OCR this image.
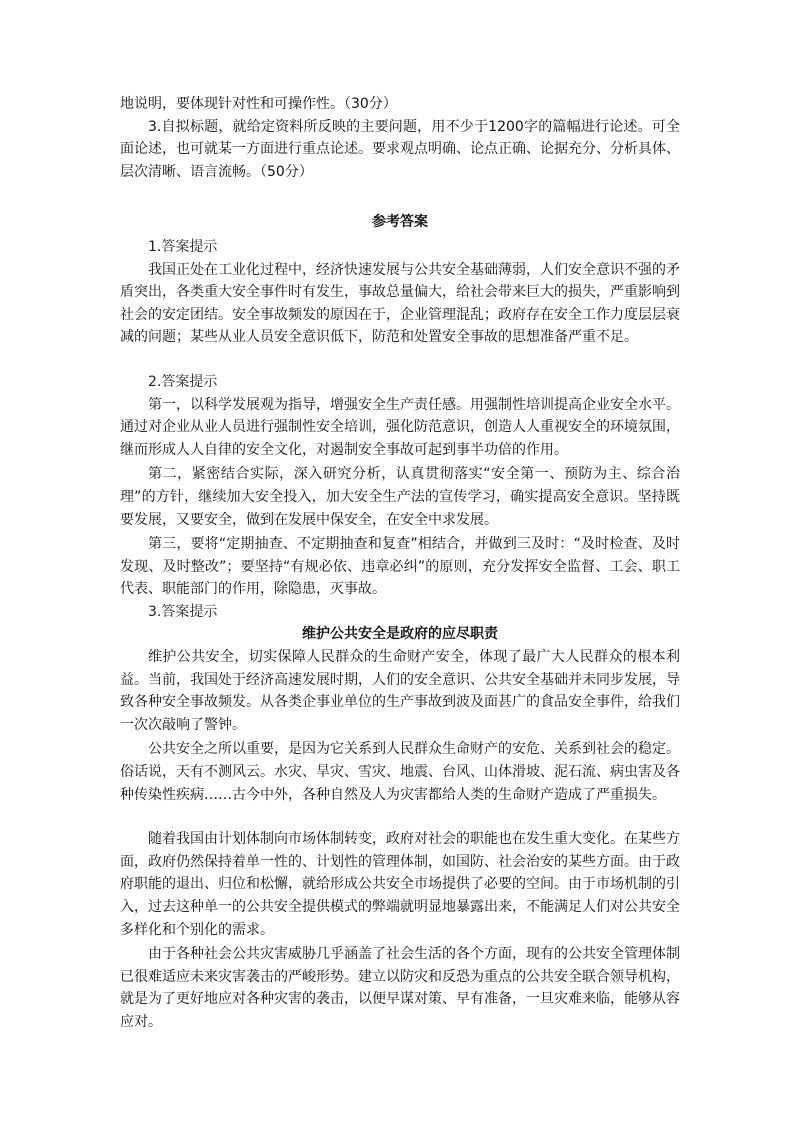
地说明，要体现针对性和可操作性。（30分）

3.自拟标题，就给定资料所反映的主要问题，用不少于1200字的篇幅进行论述。可全面论述，也可就某一方面进行重点论述。要求观点明确、论点正确、论据充分、分析具体、层次清晰、语言流畅。（50分）

参考答案

1.答案提示

我国正处在工业化过程中，经济快速发展与公共安全基础薄弱，人们安全意识不强的矛盾突出，各类重大安全事件时有发生，事故总量偏大，给社会带来巨大的损失，严重影响到社会的安定团结。安全事故频发的原因在于，企业管理混乱；政府存在安全工作力度层层衰减的问题；某些从业人员安全意识低下，防范和处置安全事故的思想准备严重不足。

2.答案提示

第一，以科学发展观为指导，增强安全生产责任感。用强制性培训提高企业安全水平。通过对企业从业人员进行强制性安全培训，强化防范意识，创造人人重视安全的环境氛围，继而形成人人自律的安全文化，对遏制安全事故可起到事半功倍的作用。

第二，紧密结合实际，深入研究分析，认真贯彻落实“安全第一、预防为主、综合治理”的方针，继续加大安全投入，加大安全生产法的宣传学习，确实提高安全意识。坚持既要发展，又要安全，做到在发展中保安全，在安全中求发展。

第三，要将“定期抽查、不定期抽查和复查”相结合，并做到三及时：“及时检查、及时发现、及时整改”；要坚持“有规必依、违章必纠”的原则，充分发挥安全监督、工会、职工代表、职能部门的作用，除隐患，灭事故。

3.答案提示

维护公共安全是政府的应尽职责

维护公共安全，切实保障人民群众的生命财产安全，体现了最广大人民群众的根本利益。当前，我国处于经济高速发展时期，人们的安全意识、公共安全基础并未同步发展，导致各种安全事故频发。从各类企事业单位的生产事故到波及面甚广的食品安全事件，给我们一次次敲响了警钟。

公共安全之所以重要，是因为它关系到人民群众生命财产的安危、关系到社会的稳定。俗话说，天有不测风云。水灾、旱灾、雪灾、地震、台风、山体滑坡、泥石流、病虫害及各种传染性疾病……古今中外，各种自然及人为灾害都给人类的生命财产造成了严重损失。

随着我国由计划体制向市场体制转变，政府对社会的职能也在发生重大变化。在某些方面，政府仍然保持着单一性的、计划性的管理体制，如国防、社会治安的某些方面。由于政府职能的退出、归位和松懈，就给形成公共安全市场提供了必要的空间。由于市场机制的引入，过去这种单一的公共安全提供模式的弊端就明显地暴露出来，不能满足人们对公共安全多样化和个别化的需求。

由于各种社会公共灾害威胁几乎涵盖了社会生活的各个方面，现有的公共安全管理体制已很难适应未来灾害袭击的严峻形势。建立以防灾和反恐为重点的公共安全联合领导机构，就是为了更好地应对各种灾害的袭击，以便早谋对策、早有准备，一旦灾难来临，能够从容应对。
